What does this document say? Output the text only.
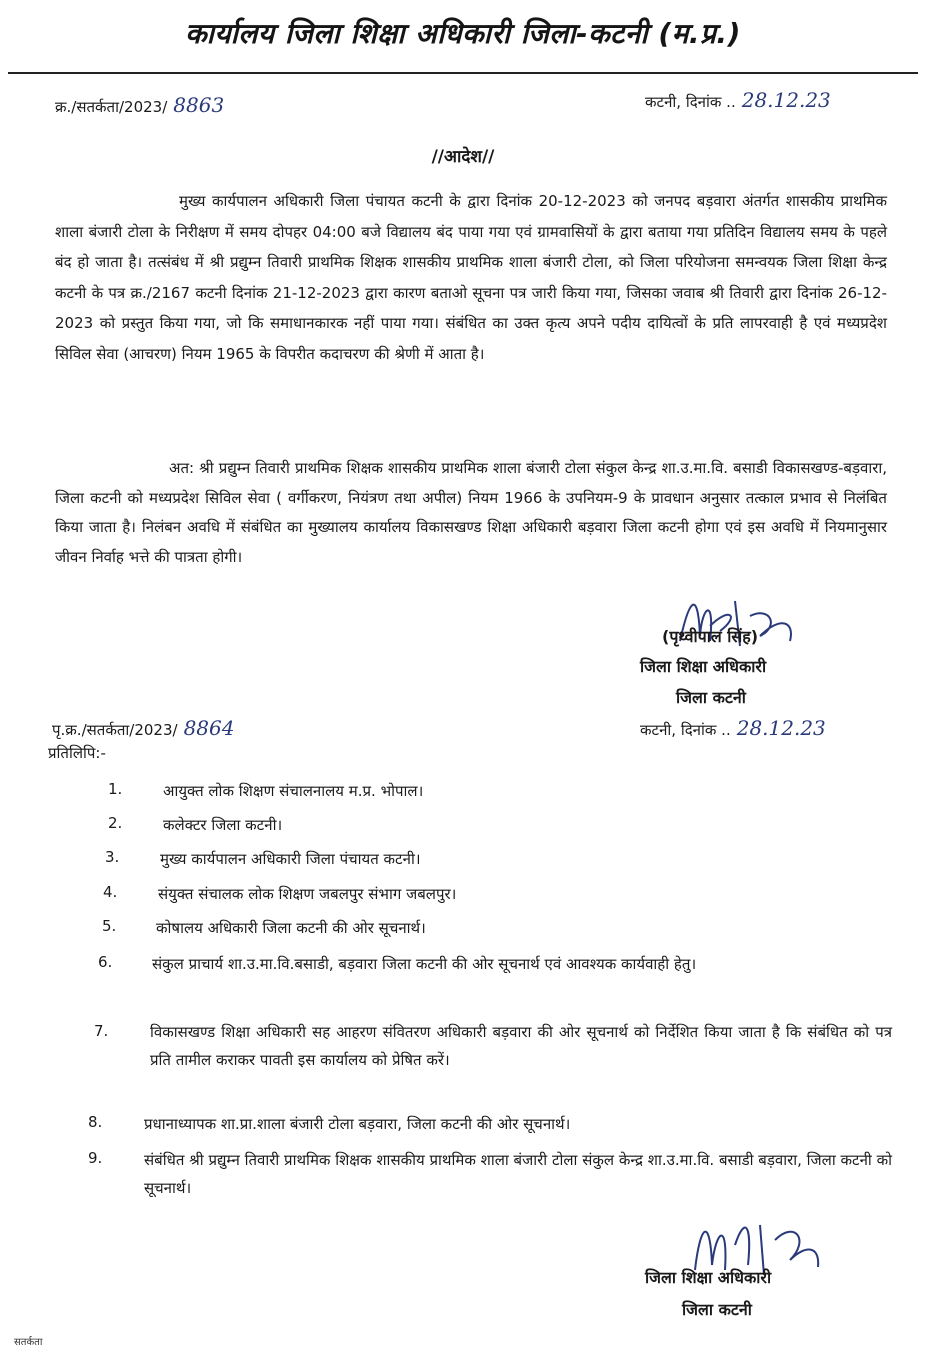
कार्यालय जिला शिक्षा अधिकारी जिला-कटनी (म.प्र.)
क्र./सतर्कता/2023/ 8863	कटनी, दिनांक .. 28.12.23
//आदेश//
मुख्य कार्यपालन अधिकारी जिला पंचायत कटनी के द्वारा दिनांक 20-12-2023 को जनपद बड़वारा अंतर्गत शासकीय प्राथमिक शाला बंजारी टोला के निरीक्षण में समय दोपहर 04:00 बजे विद्यालय बंद पाया गया एवं ग्रामवासियों के द्वारा बताया गया प्रतिदिन विद्यालय समय के पहले बंद हो जाता है। तत्संबंध में श्री प्रद्युम्न तिवारी प्राथमिक शिक्षक शासकीय प्राथमिक शाला बंजारी टोला, को जिला परियोजना समन्वयक जिला शिक्षा केन्द्र कटनी के पत्र क्र./2167 कटनी दिनांक 21-12-2023 द्वारा कारण बताओ सूचना पत्र जारी किया गया, जिसका जवाब श्री तिवारी द्वारा दिनांक 26-12-2023 को प्रस्तुत किया गया, जो कि समाधानकारक नहीं पाया गया। संबंधित का उक्त कृत्य अपने पदीय दायित्वों के प्रति लापरवाही है एवं मध्यप्रदेश सिविल सेवा (आचरण) नियम 1965 के विपरीत कदाचरण की श्रेणी में आता है।
अत: श्री प्रद्युम्न तिवारी प्राथमिक शिक्षक शासकीय प्राथमिक शाला बंजारी टोला संकुल केन्द्र शा.उ.मा.वि. बसाडी विकासखण्ड-बड़वारा, जिला कटनी को मध्यप्रदेश सिविल सेवा ( वर्गीकरण, नियंत्रण तथा अपील) नियम 1966 के उपनियम-9 के प्रावधान अनुसार तत्काल प्रभाव से निलंबित किया जाता है। निलंबन अवधि में संबंधित का मुख्यालय कार्यालय विकासखण्ड शिक्षा अधिकारी बड़वारा जिला कटनी होगा एवं इस अवधि में नियमानुसार जीवन निर्वाह भत्ते की पात्रता होगी।
(पृथ्वीपाल सिंह)
जिला शिक्षा अधिकारी
जिला कटनी
पृ.क्र./सतर्कता/2023/ 8864	कटनी, दिनांक .. 28.12.23
प्रतिलिपि:-
1.	आयुक्त लोक शिक्षण संचालनालय म.प्र. भोपाल।
2.	कलेक्टर जिला कटनी।
3.	मुख्य कार्यपालन अधिकारी जिला पंचायत कटनी।
4.	संयुक्त संचालक लोक शिक्षण जबलपुर संभाग जबलपुर।
5.	कोषालय अधिकारी जिला कटनी की ओर सूचनार्थ।
6.	संकुल प्राचार्य शा.उ.मा.वि.बसाडी, बड़वारा जिला कटनी की ओर सूचनार्थ एवं आवश्यक कार्यवाही हेतु।
7.	विकासखण्ड शिक्षा अधिकारी सह आहरण संवितरण अधिकारी बड़वारा की ओर सूचनार्थ को निर्देशित किया जाता है कि संबंधित को पत्र प्रति तामील कराकर पावती इस कार्यालय को प्रेषित करें।
8.	प्रधानाध्यापक शा.प्रा.शाला बंजारी टोला बड़वारा, जिला कटनी की ओर सूचनार्थ।
9.	संबंधित श्री प्रद्युम्न तिवारी प्राथमिक शिक्षक शासकीय प्राथमिक शाला बंजारी टोला संकुल केन्द्र शा.उ.मा.वि. बसाडी बड़वारा, जिला कटनी को सूचनार्थ।
जिला शिक्षा अधिकारी
जिला कटनी
सतर्कता
